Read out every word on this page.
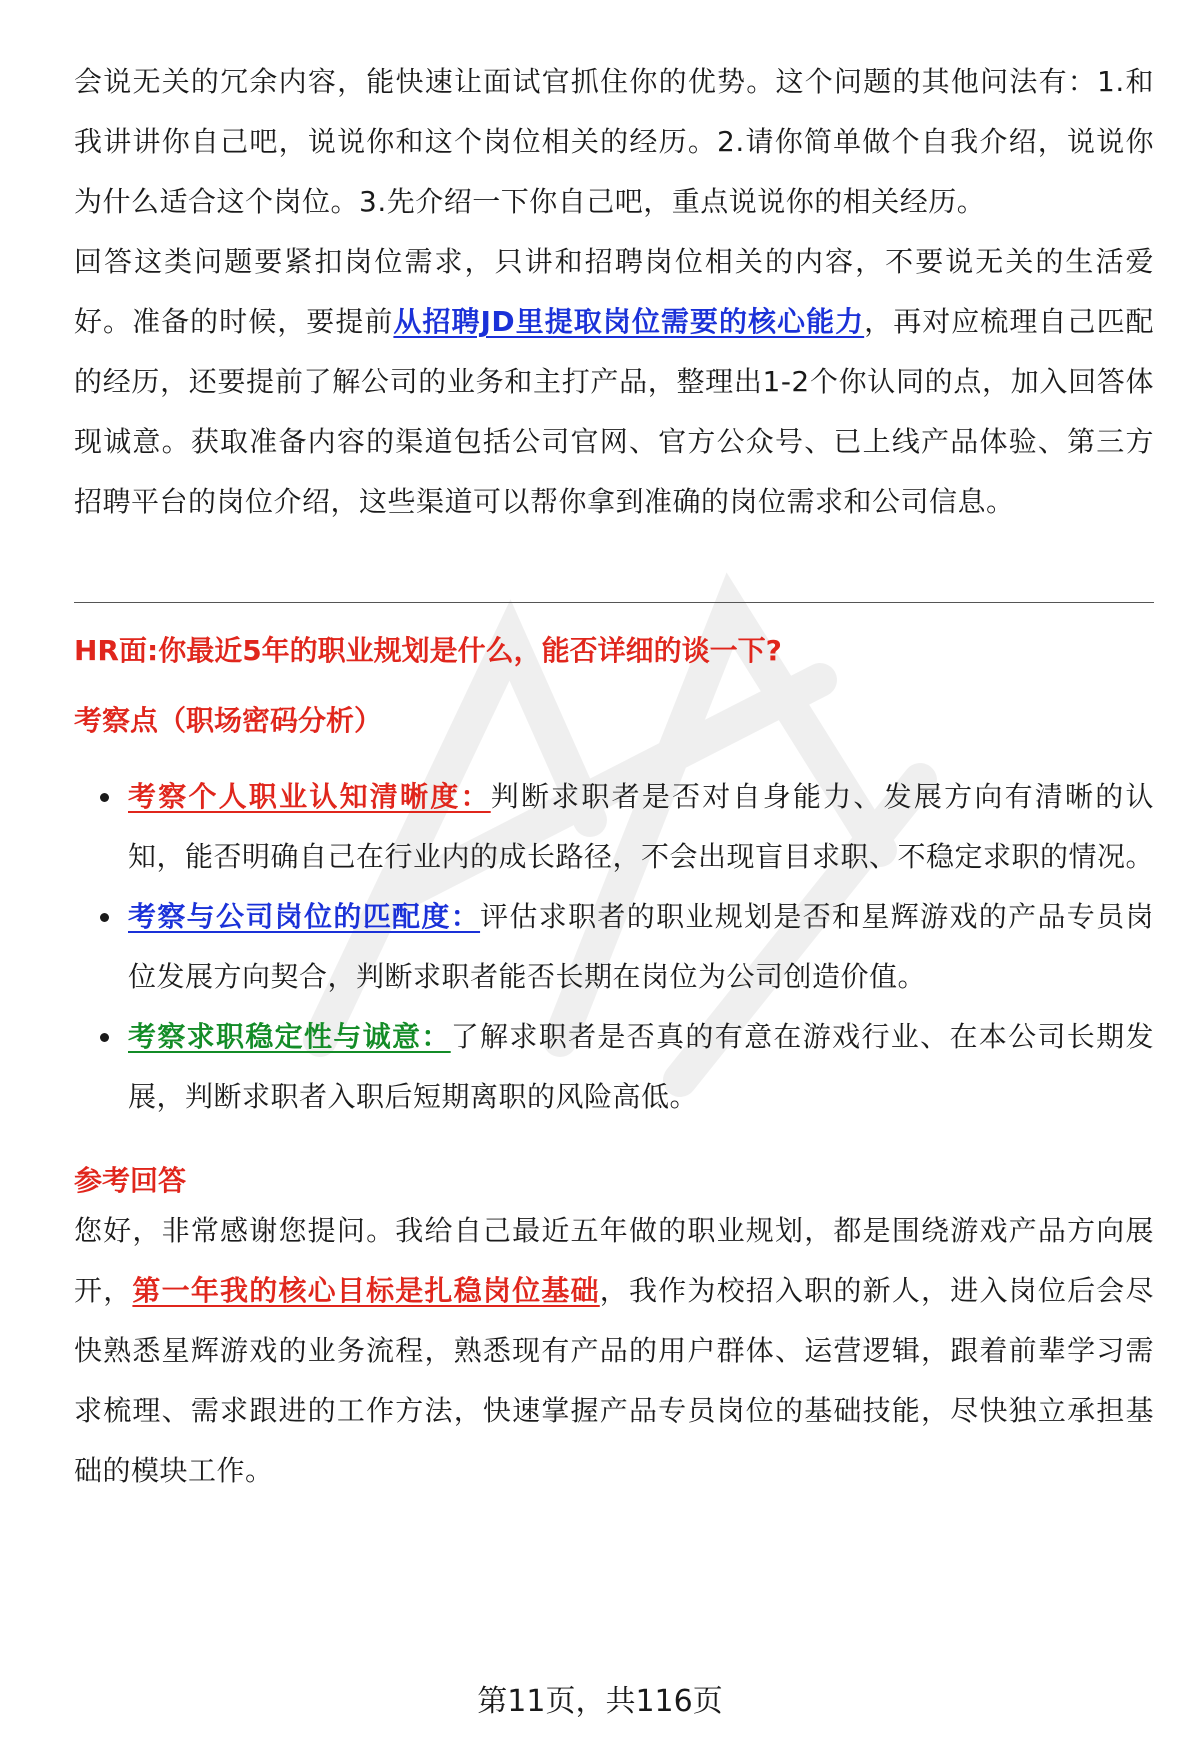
会说无关的冗余内容，能快速让面试官抓住你的优势。这个问题的其他问法有：1.和我讲讲你自己吧，说说你和这个岗位相关的经历。2.请你简单做个自我介绍，说说你为什么适合这个岗位。3.先介绍一下你自己吧，重点说说你的相关经历。

回答这类问题要紧扣岗位需求，只讲和招聘岗位相关的内容，不要说无关的生活爱好。准备的时候，要提前从招聘JD里提取岗位需要的核心能力，再对应梳理自己匹配的经历，还要提前了解公司的业务和主打产品，整理出1-2个你认同的点，加入回答体现诚意。获取准备内容的渠道包括公司官网、官方公众号、已上线产品体验、第三方招聘平台的岗位介绍，这些渠道可以帮你拿到准确的岗位需求和公司信息。

HR面:你最近5年的职业规划是什么，能否详细的谈一下?
考察点（职场密码分析）
考察个人职业认知清晰度：判断求职者是否对自身能力、发展方向有清晰的认知，能否明确自己在行业内的成长路径，不会出现盲目求职、不稳定求职的情况。
考察与公司岗位的匹配度：评估求职者的职业规划是否和星辉游戏的产品专员岗位发展方向契合，判断求职者能否长期在岗位为公司创造价值。
考察求职稳定性与诚意：了解求职者是否真的有意在游戏行业、在本公司长期发展，判断求职者入职后短期离职的风险高低。
参考回答

您好，非常感谢您提问。我给自己最近五年做的职业规划，都是围绕游戏产品方向展开，第一年我的核心目标是扎稳岗位基础，我作为校招入职的新人，进入岗位后会尽快熟悉星辉游戏的业务流程，熟悉现有产品的用户群体、运营逻辑，跟着前辈学习需求梳理、需求跟进的工作方法，快速掌握产品专员岗位的基础技能，尽快独立承担基础的模块工作。

第11页，共116页
